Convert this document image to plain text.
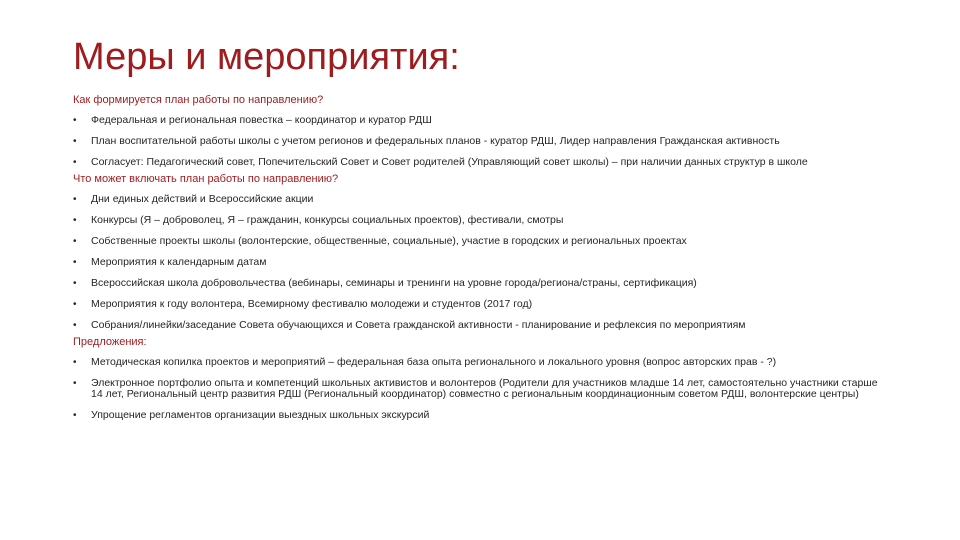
Меры и мероприятия:

Как формируется план работы по направлению?

• Федеральная и региональная повестка – координатор и куратор РДШ
• План воспитательной работы школы с учетом регионов и федеральных планов - куратор РДШ, Лидер направления Гражданская активность
• Согласует: Педагогический совет, Попечительский Совет и Совет родителей (Управляющий совет школы) – при наличии данных структур в школе

Что может включать план работы по направлению?

• Дни единых действий и Всероссийские акции
• Конкурсы (Я – доброволец, Я – гражданин, конкурсы социальных проектов), фестивали, смотры
• Собственные проекты школы (волонтерские, общественные, социальные), участие в городских и региональных проектах
• Мероприятия к календарным датам
• Всероссийская школа добровольчества (вебинары, семинары и тренинги на уровне города/региона/страны, сертификация)
• Мероприятия к году волонтера, Всемирному фестивалю молодежи и студентов (2017 год)
• Собрания/линейки/заседание Совета обучающихся и Совета гражданской активности - планирование и рефлексия по мероприятиям

Предложения:

• Методическая копилка проектов и мероприятий – федеральная база опыта регионального и локального уровня (вопрос авторских прав - ?)
• Электронное портфолио опыта и компетенций школьных активистов и волонтеров (Родители для участников младше 14 лет, самостоятельно участники старше 14 лет, Региональный центр развития РДШ (Региональный координатор) совместно с региональным координационным советом РДШ, волонтерские центры)
• Упрощение регламентов организации выездных школьных экскурсий
